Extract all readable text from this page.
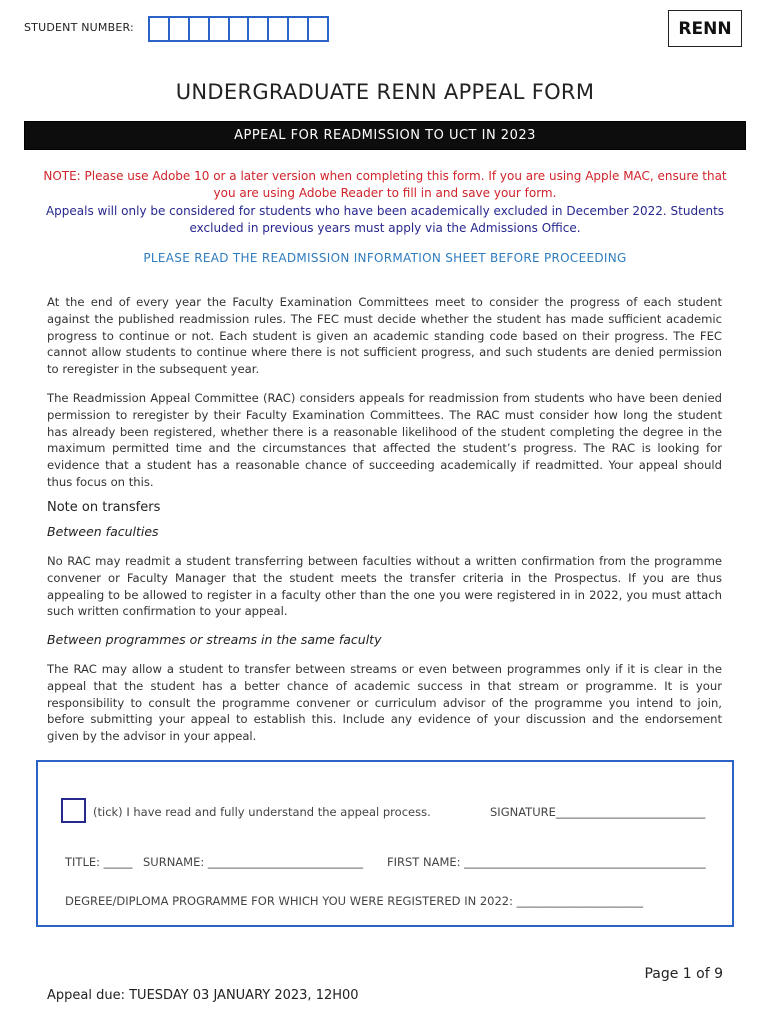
STUDENT NUMBER:	RENN
UNDERGRADUATE RENN APPEAL FORM
APPEAL FOR READMISSION TO UCT IN 2023
NOTE: Please use Adobe 10 or a later version when completing this form. If you are using Apple MAC, ensure that you are using Adobe Reader to fill in and save your form.
Appeals will only be considered for students who have been academically excluded in December 2022. Students excluded in previous years must apply via the Admissions Office.
PLEASE READ THE READMISSION INFORMATION SHEET BEFORE PROCEEDING

At the end of every year the Faculty Examination Committees meet to consider the progress of each student against the published readmission rules. The FEC must decide whether the student has made sufficient academic progress to continue or not. Each student is given an academic standing code based on their progress. The FEC cannot allow students to continue where there is not sufficient progress, and such students are denied permission to reregister in the subsequent year.

The Readmission Appeal Committee (RAC) considers appeals for readmission from students who have been denied permission to reregister by their Faculty Examination Committees. The RAC must consider how long the student has already been registered, whether there is a reasonable likelihood of the student completing the degree in the maximum permitted time and the circumstances that affected the student’s progress. The RAC is looking for evidence that a student has a reasonable chance of succeeding academically if readmitted. Your appeal should thus focus on this.

Note on transfers
Between faculties

No RAC may readmit a student transferring between faculties without a written confirmation from the programme convener or Faculty Manager that the student meets the transfer criteria in the Prospectus. If you are thus appealing to be allowed to register in a faculty other than the one you were registered in in 2022, you must attach such written confirmation to your appeal.

Between programmes or streams in the same faculty

The RAC may allow a student to transfer between streams or even between programmes only if it is clear in the appeal that the student has a better chance of academic success in that stream or programme. It is your responsibility to consult the programme convener or curriculum advisor of the programme you intend to join, before submitting your appeal to establish this. Include any evidence of your discussion and the endorsement given by the advisor in your appeal.

(tick) I have read and fully understand the appeal process.	SIGNATURE__________________________
TITLE: _____ SURNAME: ___________________________ FIRST NAME: __________________________________________
DEGREE/DIPLOMA PROGRAMME FOR WHICH YOU WERE REGISTERED IN 2022: ______________________
Page 1 of 9
Appeal due: TUESDAY 03 JANUARY 2023, 12H00
